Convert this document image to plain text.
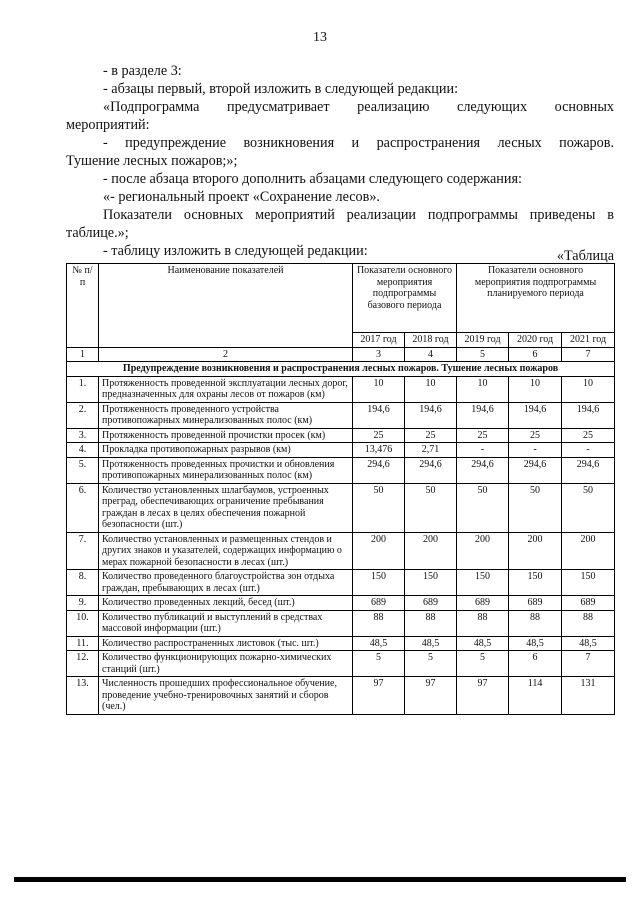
13
- в разделе 3:
- абзацы первый, второй изложить в следующей редакции:
«Подпрограмма предусматривает реализацию следующих основных
мероприятий:
- предупреждение возникновения и распространения лесных пожаров.
Тушение лесных пожаров;»;
- после абзаца второго дополнить абзацами следующего содержания:
«- региональный проект «Сохранение лесов».
Показатели основных мероприятий реализации подпрограммы приведены в
таблице.»;
- таблицу изложить в следующей редакции:	«Таблица
№ п/п	Наименование показателей	Показатели основного мероприятия подпрограммы базового периода		Показатели основного мероприятия подпрограммы планируемого периода		
		2017 год	2018 год	2019 год	2020 год	2021 год
1	2	3	4	5	6	7
Предупреждение возникновения и распространения лесных пожаров. Тушение лесных пожаров						
1.	Протяженность проведенной эксплуатации лесных дорог, предназначенных для охраны лесов от пожаров (км)	10	10	10	10	10
2.	Протяженность проведенного устройства противопожарных минерализованных полос (км)	194,6	194,6	194,6	194,6	194,6
3.	Протяженность проведенной прочистки просек (км)	25	25	25	25	25
4.	Прокладка противопожарных разрывов (км)	13,476	2,71	-	-	-
5.	Протяженность проведенных прочистки и обновления противопожарных минерализованных полос (км)	294,6	294,6	294,6	294,6	294,6
6.	Количество установленных шлагбаумов, устроенных преград, обеспечивающих ограничение пребывания граждан в лесах в целях обеспечения пожарной безопасности (шт.)	50	50	50	50	50
7.	Количество установленных и размещенных стендов и других знаков и указателей, содержащих информацию о мерах пожарной безопасности в лесах (шт.)	200	200	200	200	200
8.	Количество проведенного благоустройства зон отдыха граждан, пребывающих в лесах (шт.)	150	150	150	150	150
9.	Количество проведенных лекций, бесед (шт.)	689	689	689	689	689
10.	Количество публикаций и выступлений в средствах массовой информации (шт.)	88	88	88	88	88
11.	Количество распространенных листовок (тыс. шт.)	48,5	48,5	48,5	48,5	48,5
12.	Количество функционирующих пожарно-химических станций (шт.)	5	5	5	6	7
13.	Численность прошедших профессиональное обучение, проведение учебно-тренировочных занятий и сборов (чел.)	97	97	97	114	131
